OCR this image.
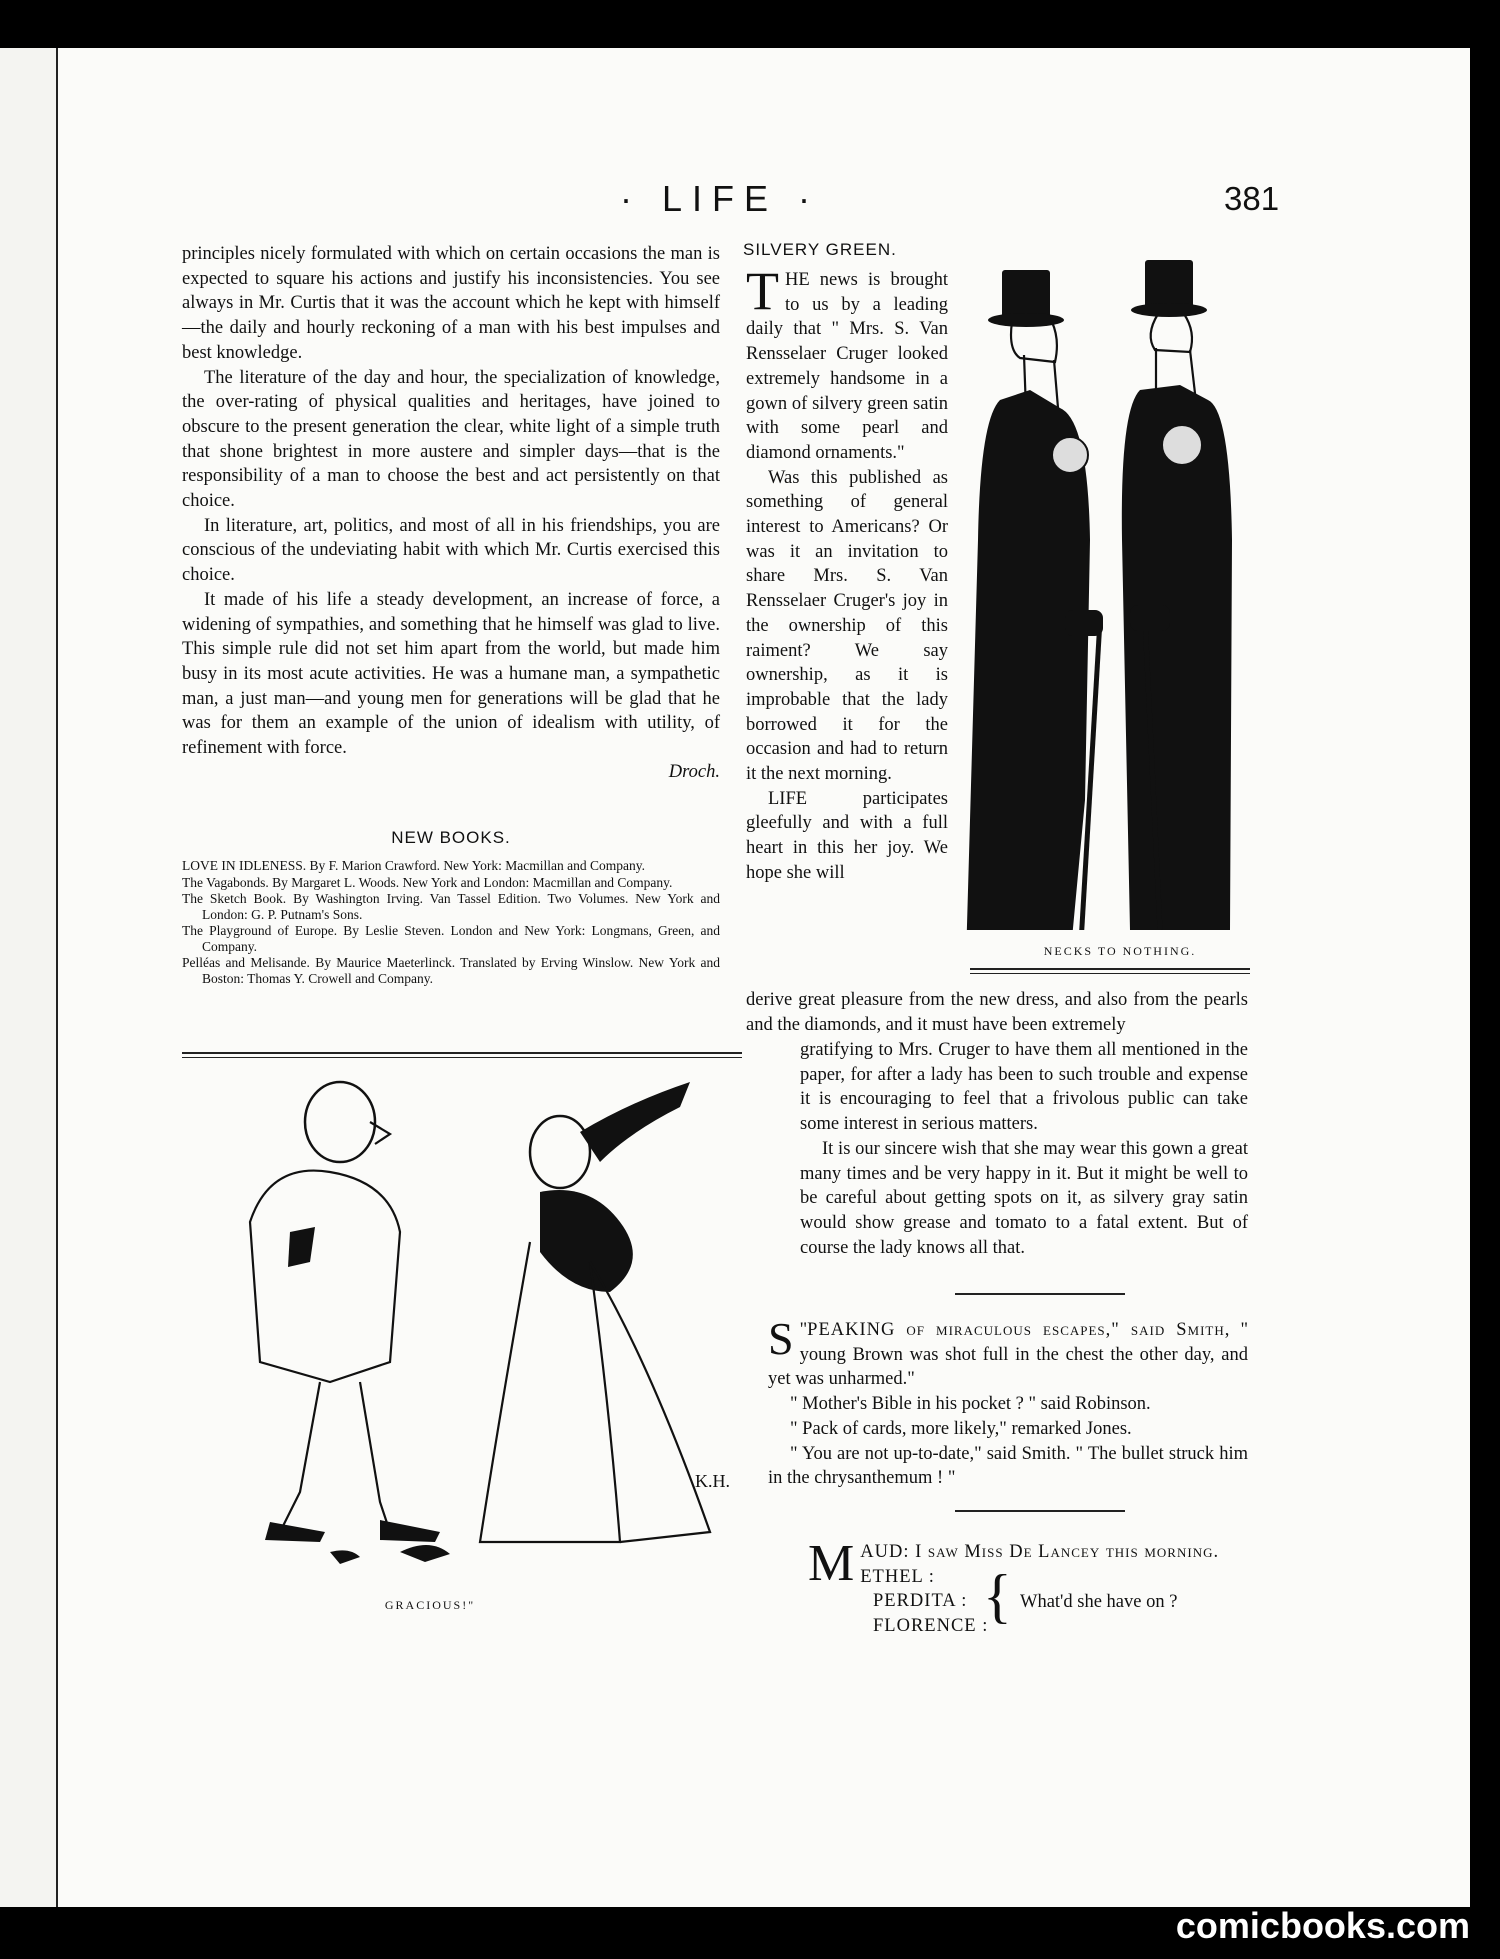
· LIFE ·	381

principles nicely formulated with which on certain occasions the man is expected to square his actions and justify his inconsistencies. You see always in Mr. Curtis that it was the account which he kept with himself—the daily and hourly reckoning of a man with his best impulses and best knowledge.

The literature of the day and hour, the specialization of knowledge, the over-rating of physical qualities and heritages, have joined to obscure to the present generation the clear, white light of a simple truth that shone brightest in more austere and simpler days—that is the responsibility of a man to choose the best and act persistently on that choice.

In literature, art, politics, and most of all in his friendships, you are conscious of the undeviating habit with which Mr. Curtis exercised this choice.

It made of his life a steady development, an increase of force, a widening of sympathies, and something that he himself was glad to live. This simple rule did not set him apart from the world, but made him busy in its most acute activities. He was a humane man, a sympathetic man, a just man—and young men for generations will be glad that he was for them an example of the union of idealism with utility, of refinement with force.

Droch.
NEW BOOKS.

LOVE IN IDLENESS. By F. Marion Crawford. New York: Macmillan and Company.

The Vagabonds. By Margaret L. Woods. New York and London: Macmillan and Company.

The Sketch Book. By Washington Irving. Van Tassel Edition. Two Volumes. New York and London: G. P. Putnam's Sons.

The Playground of Europe. By Leslie Steven. London and New York: Longmans, Green, and Company.

Pelléas and Melisande. By Maurice Maeterlinck. Translated by Erving Winslow. New York and Boston: Thomas Y. Crowell and Company.

SILVERY GREEN.

THE news is brought to us by a leading daily that " Mrs. S. Van Rensselaer Cruger looked extremely handsome in a gown of silvery green satin with some pearl and diamond ornaments."

Was this published as something of general interest to Americans? Or was it an invitation to share Mrs. S. Van Rensselaer Cruger's joy in the ownership of this raiment? We say ownership, as it is improbable that the lady borrowed it for the occasion and had to return it the next morning.

LIFE participates gleefully and with a full heart in this her joy. We hope she will

NECKS TO NOTHING.
derive great pleasure from the new dress, and also from the pearls and the diamonds, and it must have been extremely

gratifying to Mrs. Cruger to have them all mentioned in the paper, for after a lady has been to such trouble and expense it is encouraging to feel that a frivolous public can take some interest in serious matters.

It is our sincere wish that she may wear this gown a great many times and be very happy in it. But it might be well to be careful about getting spots on it, as silvery gray satin would show grease and tomato to a fatal extent. But of course the lady knows all that.

K.H.
GRACIOUS!"

"
S PEAKING of miraculous escapes," said Smith, " young Brown was shot full in the chest the other day, and yet was unharmed."

" Mother's Bible in his pocket ? " said Robinson.

" Pack of cards, more likely," remarked Jones.

" You are not up-to-date," said Smith. " The bullet struck him in the chrysanthemum ! "

M AUD: I saw Miss De Lancey this morning.
ETHEL :
PERDITA :
FLORENCE :
{ What'd she have on ?
comicbooks.com
